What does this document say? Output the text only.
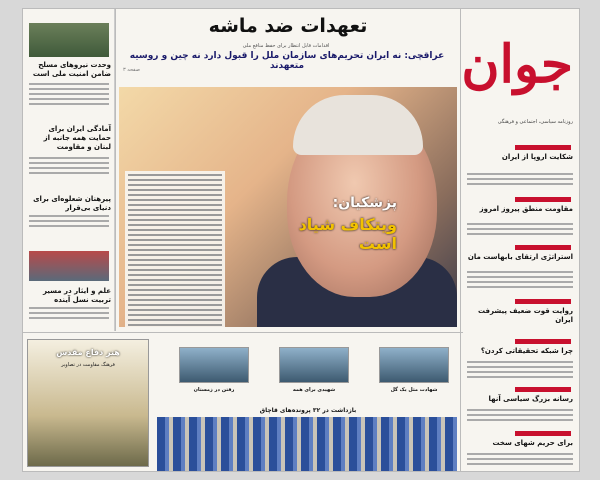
جوان
روزنامه سیاسی، اجتماعی و فرهنگی
شکایت اروپا از ایران
مقاومت منطق پیروز امروز
استراتژی ارتقای بابهاست مان
روایت قوت ضعیف پیشرفت ایران
تعهدات ضد ماشه
اقدامات قابل انتظار برای حفظ منافع ملی
عراقچی: نه ایران تحریم‌های سازمان ملل را قبول دارد نه چین و روسیه متعهدند
صفحه ۳
پزشکیان:
ویتکاف شیاد است
وحدت نیروهای مسلح ضامن امنیت ملی است
آمادگی ایران برای حمایت همه جانبه از لبنان و مقاومت
پیرهنان شعلوه‌ای برای دنیای بی‌قرار
علم و ایثار در مسیر تربیت نسل آینده
هنر دفاع مقدس
فرهنگ مقاومت در تصاویر
شهادت مثل یک گل
شهیدی برای همه
رفتن در زمستان
بازداشت در ۳۲ پرونده‌های قاچاق
چرا شبکه تحقیقاتی کردن؟
رسانه بزرگ سیاسی آنها
برای حریم شهای سخت
